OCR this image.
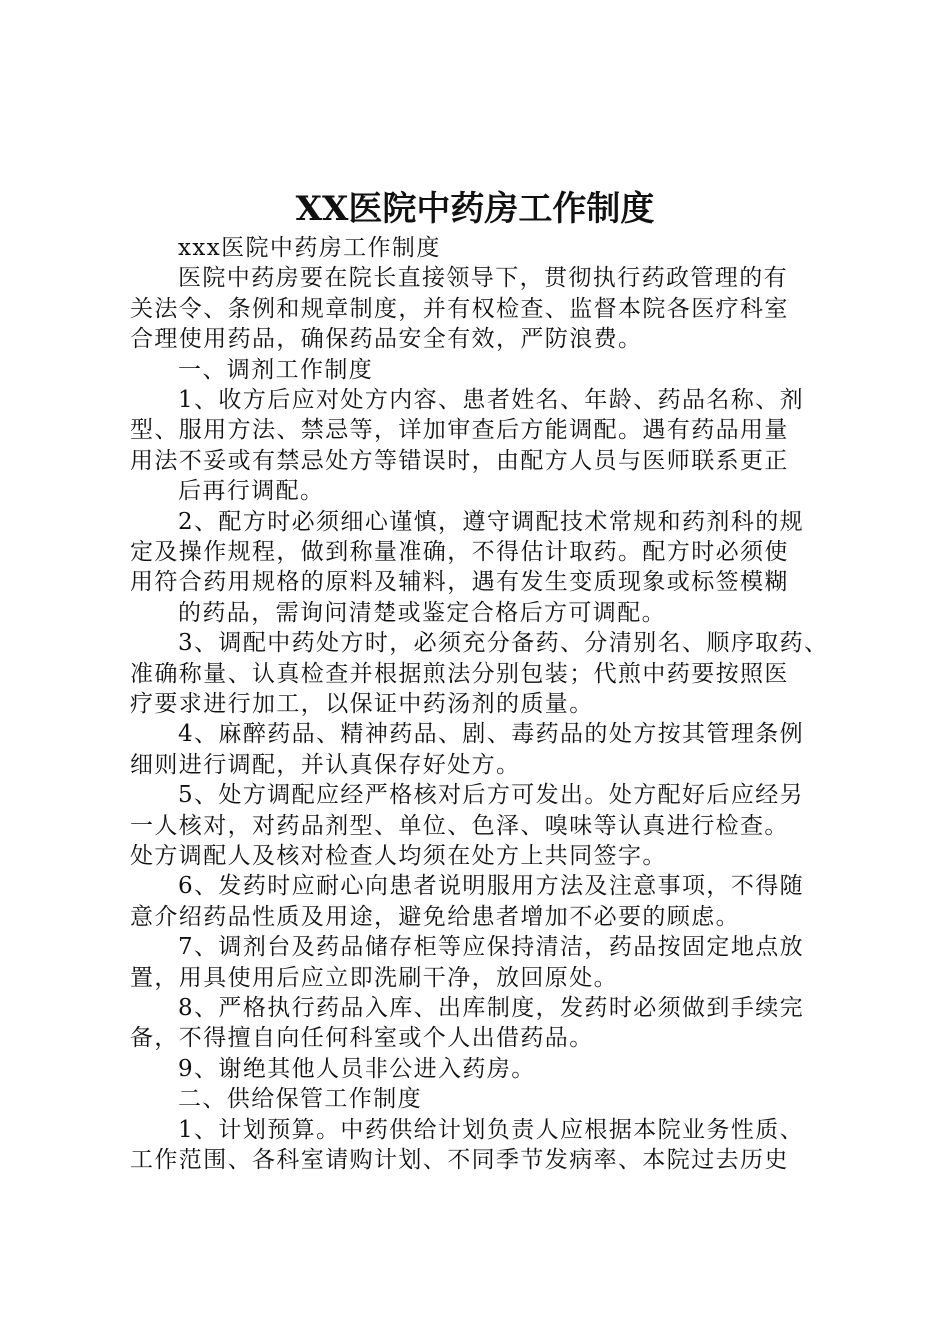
XX医院中药房工作制度
xxx医院中药房工作制度
医院中药房要在院长直接领导下，贯彻执行药政管理的有
关法令、条例和规章制度，并有权检查、监督本院各医疗科室
合理使用药品，确保药品安全有效，严防浪费。
一、调剂工作制度
1、收方后应对处方内容、患者姓名、年龄、药品名称、剂
型、服用方法、禁忌等，详加审查后方能调配。遇有药品用量
用法不妥或有禁忌处方等错误时，由配方人员与医师联系更正
后再行调配。
2、配方时必须细心谨慎，遵守调配技术常规和药剂科的规
定及操作规程，做到称量准确，不得估计取药。配方时必须使
用符合药用规格的原料及辅料，遇有发生变质现象或标签模糊
的药品，需询问清楚或鉴定合格后方可调配。
3、调配中药处方时，必须充分备药、分清别名、顺序取药、
准确称量、认真检查并根据煎法分别包装；代煎中药要按照医
疗要求进行加工，以保证中药汤剂的质量。
4、麻醉药品、精神药品、剧、毒药品的处方按其管理条例
细则进行调配，并认真保存好处方。
5、处方调配应经严格核对后方可发出。处方配好后应经另
一人核对，对药品剂型、单位、色泽、嗅味等认真进行检查。
处方调配人及核对检查人均须在处方上共同签字。
6、发药时应耐心向患者说明服用方法及注意事项，不得随
意介绍药品性质及用途，避免给患者增加不必要的顾虑。
7、调剂台及药品储存柜等应保持清洁，药品按固定地点放
置，用具使用后应立即洗刷干净，放回原处。
8、严格执行药品入库、出库制度，发药时必须做到手续完
备，不得擅自向任何科室或个人出借药品。
9、谢绝其他人员非公进入药房。
二、供给保管工作制度
1、计划预算。中药供给计划负责人应根据本院业务性质、
工作范围、各科室请购计划、不同季节发病率、本院过去历史
